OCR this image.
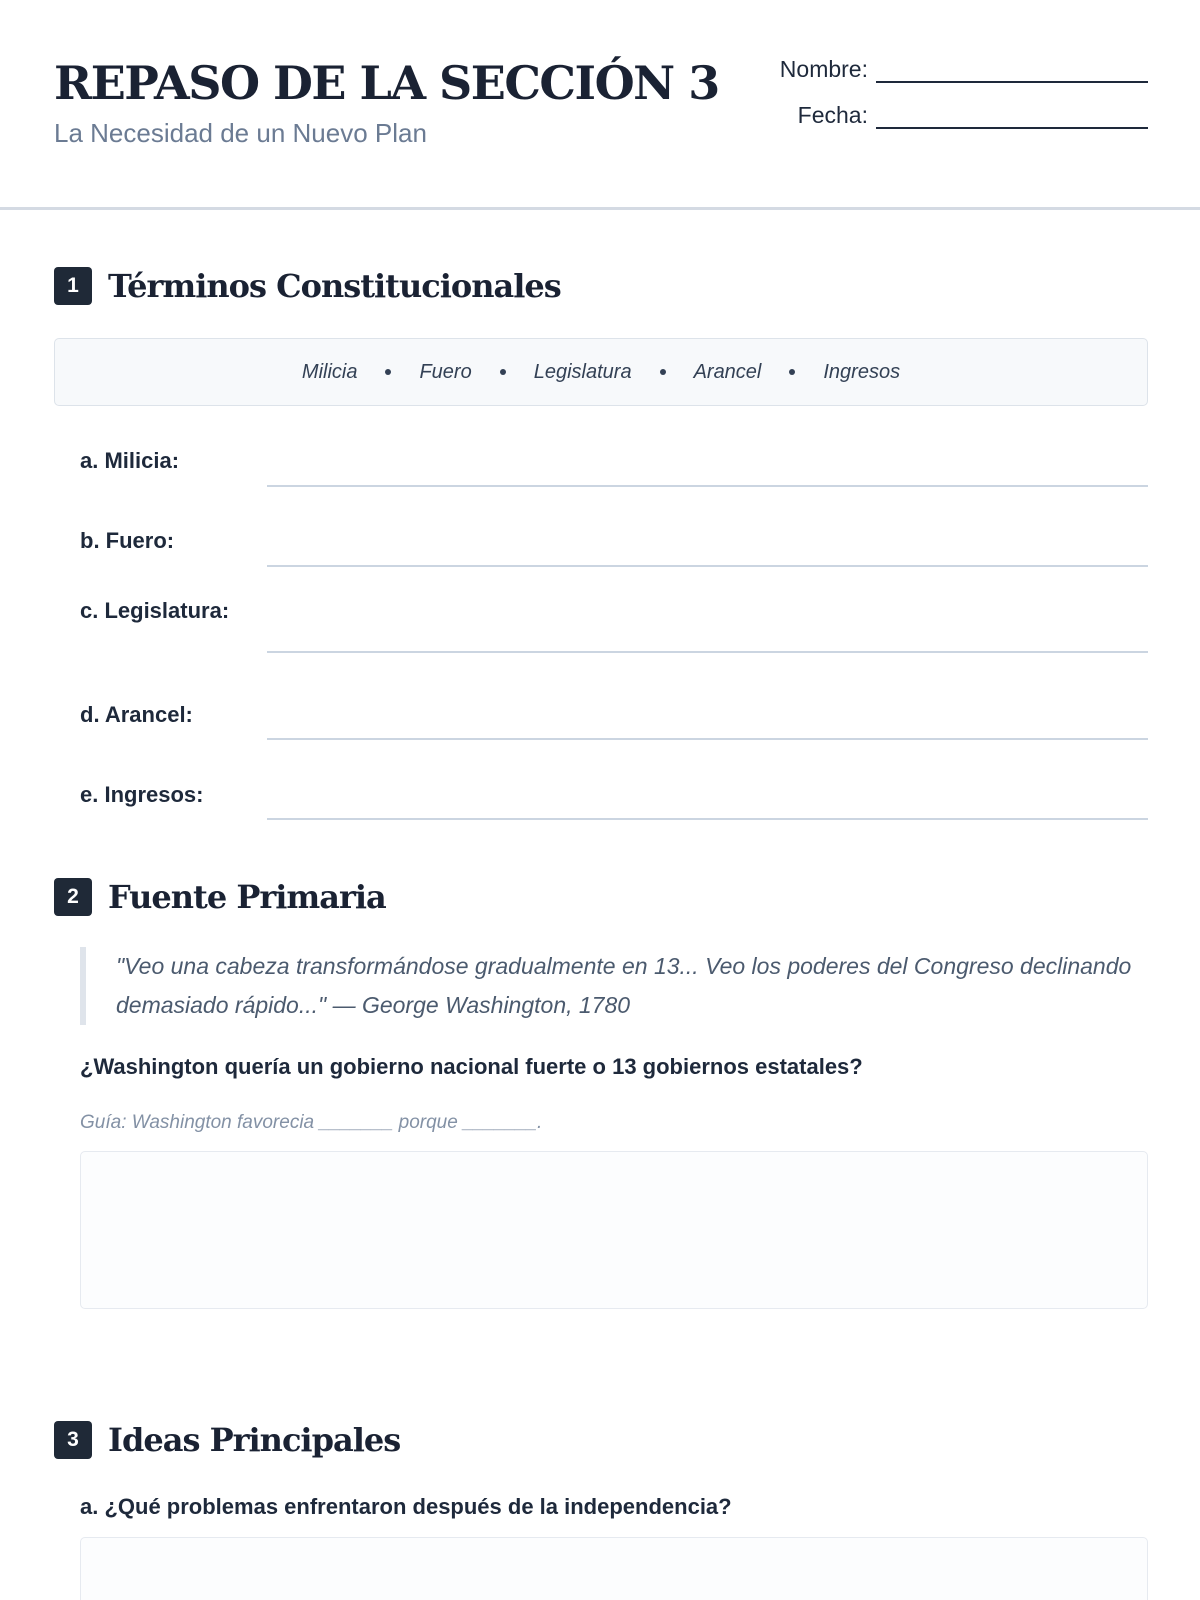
REPASO DE LA SECCIÓN 3
La Necesidad de un Nuevo Plan
Nombre:
Fecha:
1 Términos Constitucionales
Milicia	Fuero	Legislatura	Arancel	Ingresos
a. Milicia:
b. Fuero:
c. Legislatura:
d. Arancel:
e. Ingresos:
2 Fuente Primaria
"Veo una cabeza transformándose gradualmente en 13... Veo los poderes del Congreso declinando demasiado rápido..." — George Washington, 1780
¿Washington quería un gobierno nacional fuerte o 13 gobiernos estatales?
Guía: Washington favorecia _______ porque _______.
3 Ideas Principales
a. ¿Qué problemas enfrentaron después de la independencia?
